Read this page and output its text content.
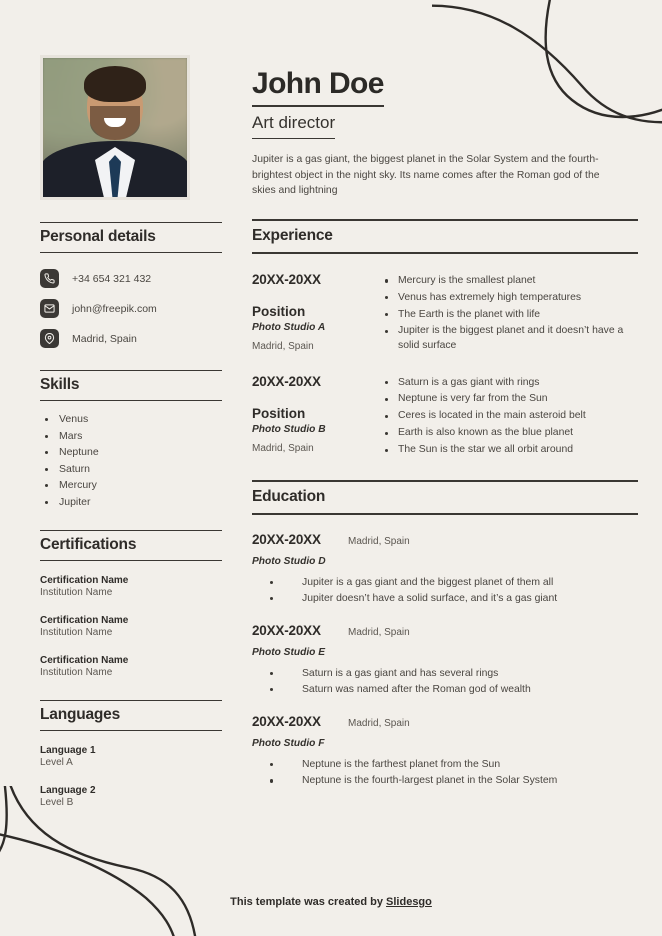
Personal details
+34 654 321 432
john@freepik.com
Madrid, Spain
Skills
Venus
Mars
Neptune
Saturn
Mercury
Jupiter
Certifications
Certification Name
Institution Name
Certification Name
Institution Name
Certification Name
Institution Name
Languages
Language 1
Level A
Language 2
Level B
John Doe
Art director

Jupiter is a gas giant, the biggest planet in the Solar System and the fourth-brightest object in the night sky. Its name comes after the Roman god of the skies and lightning

Experience
20XX-20XX
Position
Photo Studio A
Madrid, Spain
Mercury is the smallest planet
Venus has extremely high temperatures
The Earth is the planet with life
Jupiter is the biggest planet and it doesn’t have a solid surface
20XX-20XX
Position
Photo Studio B
Madrid, Spain
Saturn is a gas giant with rings
Neptune is very far from the Sun
Ceres is located in the main asteroid belt
Earth is also known as the blue planet
The Sun is the star we all orbit around
Education
20XX-20XX	Madrid, Spain
Photo Studio D
Jupiter is a gas giant and the biggest planet of them all
Jupiter doesn’t have a solid surface, and it’s a gas giant
20XX-20XX	Madrid, Spain
Photo Studio E
Saturn is a gas giant and has several rings
Saturn was named after the Roman god of wealth
20XX-20XX	Madrid, Spain
Photo Studio F
Neptune is the farthest planet from the Sun
Neptune is the fourth-largest planet in the Solar System
This template was created by Slidesgo
